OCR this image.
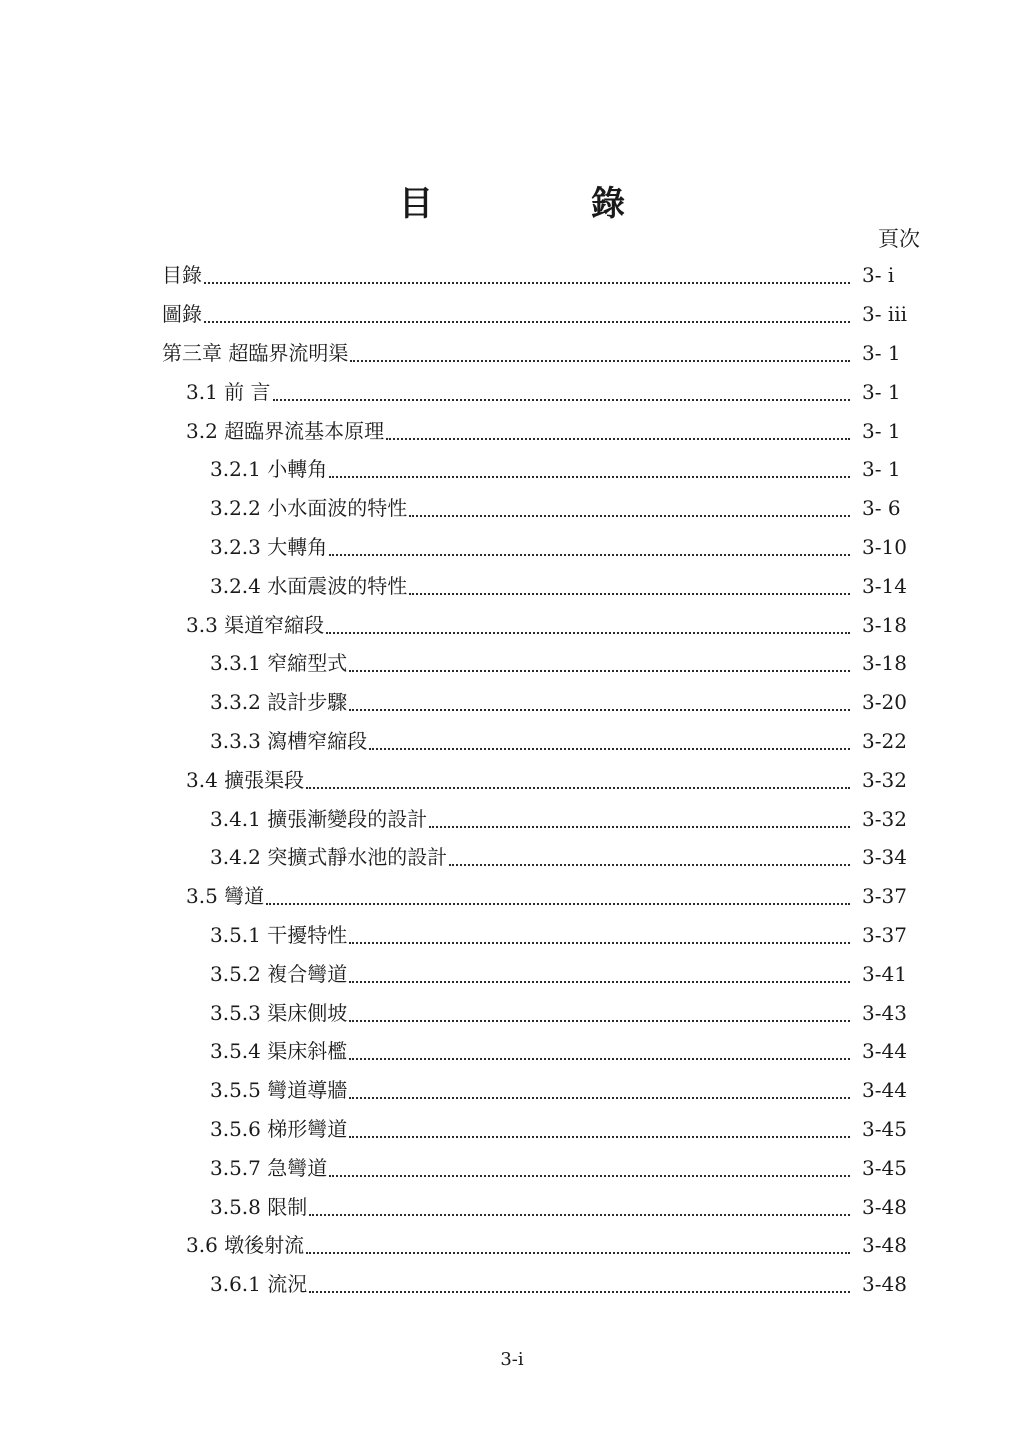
目　錄
頁次
目錄	3- i
圖錄	3- iii
第三章 超臨界流明渠	3- 1
3.1 前 言	3- 1
3.2 超臨界流基本原理	3- 1
3.2.1 小轉角	3- 1
3.2.2 小水面波的特性	3- 6
3.2.3 大轉角	3-10
3.2.4 水面震波的特性	3-14
3.3 渠道窄縮段	3-18
3.3.1 窄縮型式	3-18
3.3.2 設計步驟	3-20
3.3.3 瀉槽窄縮段	3-22
3.4 擴張渠段	3-32
3.4.1 擴張漸變段的設計	3-32
3.4.2 突擴式靜水池的設計	3-34
3.5 彎道	3-37
3.5.1 干擾特性	3-37
3.5.2 複合彎道	3-41
3.5.3 渠床側坡	3-43
3.5.4 渠床斜檻	3-44
3.5.5 彎道導牆	3-44
3.5.6 梯形彎道	3-45
3.5.7 急彎道	3-45
3.5.8 限制	3-48
3.6 墩後射流	3-48
3.6.1 流況	3-48
3-i
